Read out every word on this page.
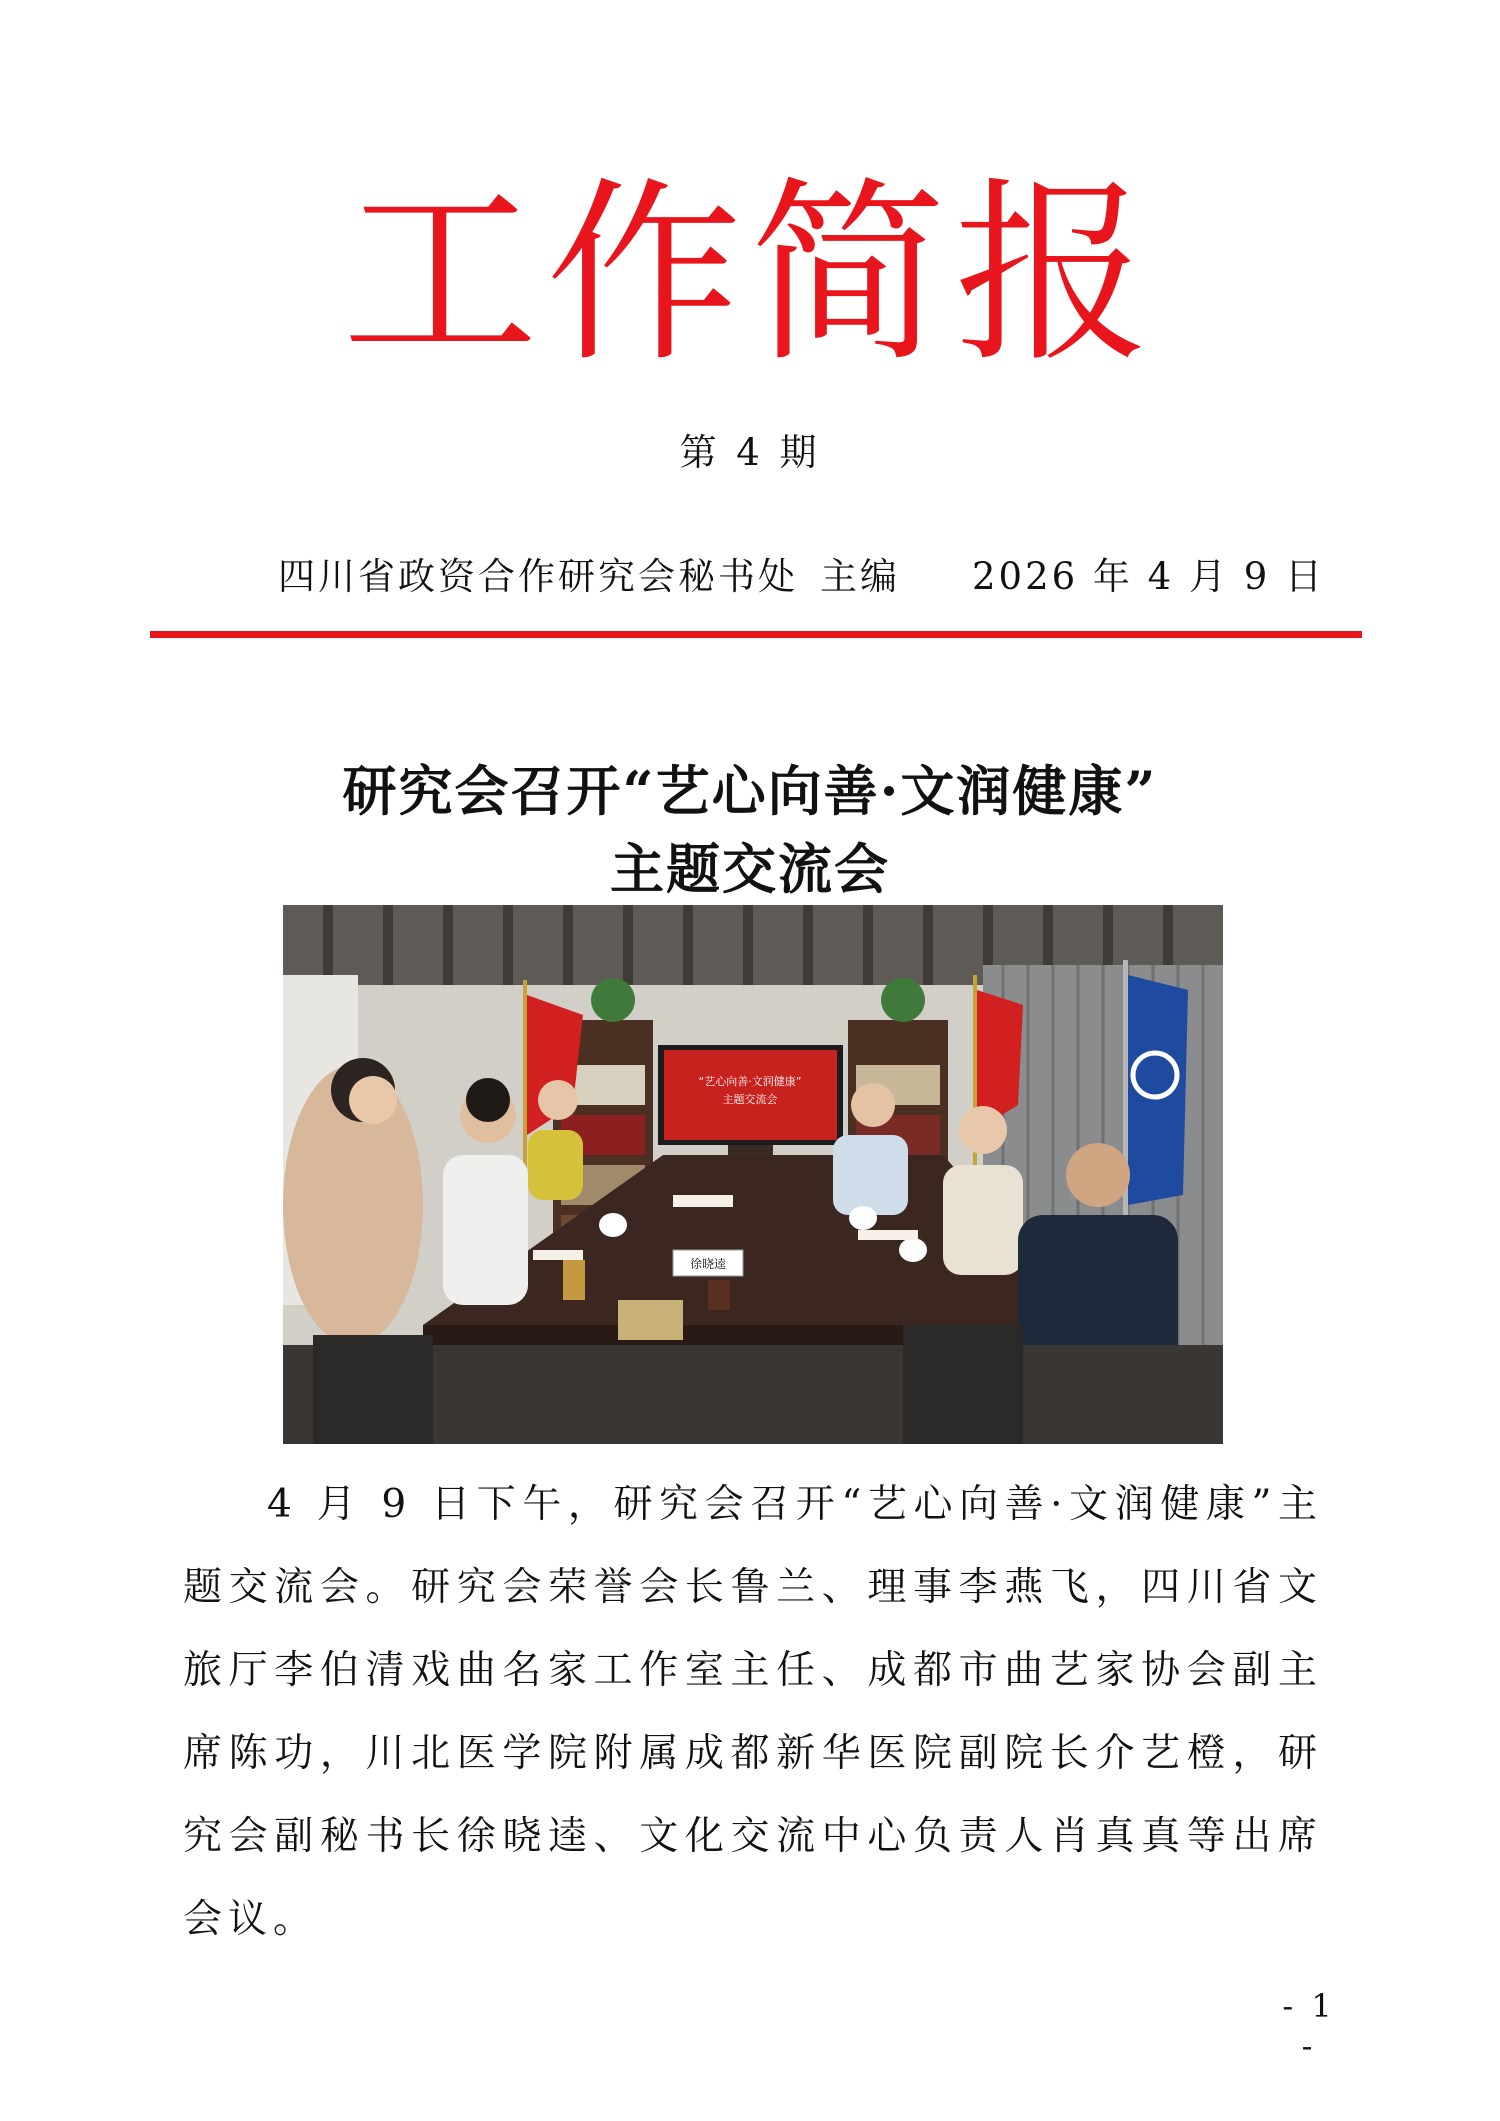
工作简报
第 4 期
四川省政资合作研究会秘书处 主编 2026 年 4 月 9 日
研究会召开“艺心向善·文润健康”
主题交流会
“艺心向善·文润健康”
主题交流会
徐晓逵
4 月 9 日下午，研究会召开“艺心向善·文润健康”主题交流会。研究会荣誉会长鲁兰、理事李燕飞，四川省文旅厅李伯清戏曲名家工作室主任、成都市曲艺家协会副主席陈功，川北医学院附属成都新华医院副院长介艺橙，研究会副秘书长徐晓逵、文化交流中心负责人肖真真等出席会议。
- 1 -
